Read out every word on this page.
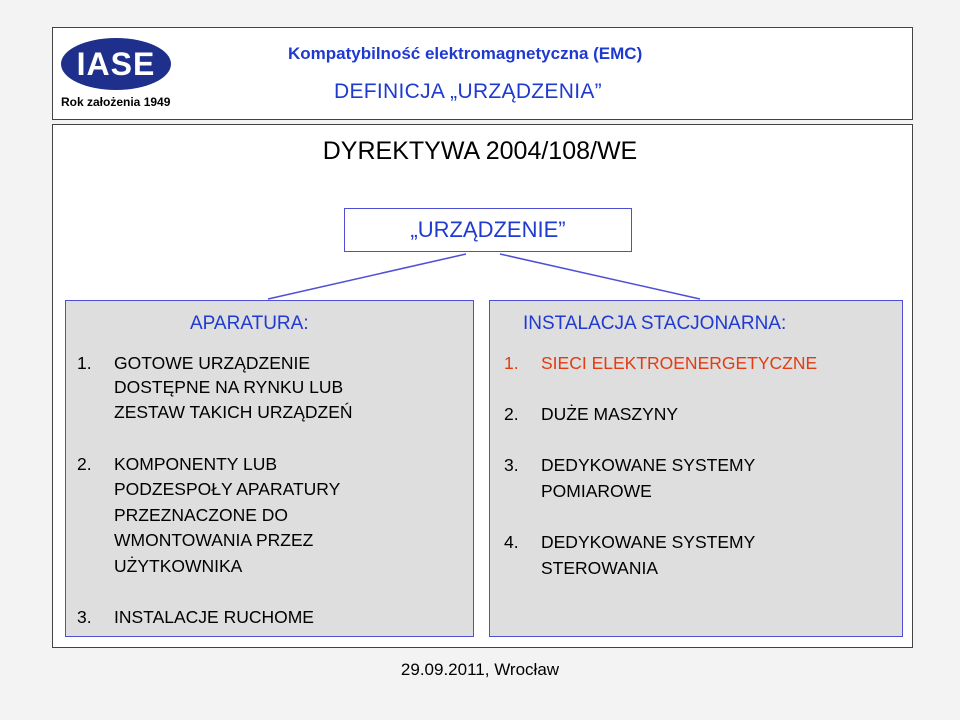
IASE
Rok założenia 1949
Kompatybilność elektromagnetyczna (EMC)
DEFINICJA „URZĄDZENIA”
DYREKTYWA 2004/108/WE
„URZĄDZENIE”
APARATURA:
1. GOTOWE URZĄDZENIE
DOSTĘPNE NA RYNKU LUB
ZESTAW TAKICH URZĄDZEŃ
2. KOMPONENTY LUB
PODZESPOŁY APARATURY
PRZEZNACZONE DO
WMONTOWANIA PRZEZ
UŻYTKOWNIKA
3. INSTALACJE RUCHOME
INSTALACJA STACJONARNA:
1. SIECI ELEKTROENERGETYCZNE
2. DUŻE MASZYNY
3. DEDYKOWANE SYSTEMY
POMIAROWE
4. DEDYKOWANE SYSTEMY
STEROWANIA
29.09.2011, Wrocław
